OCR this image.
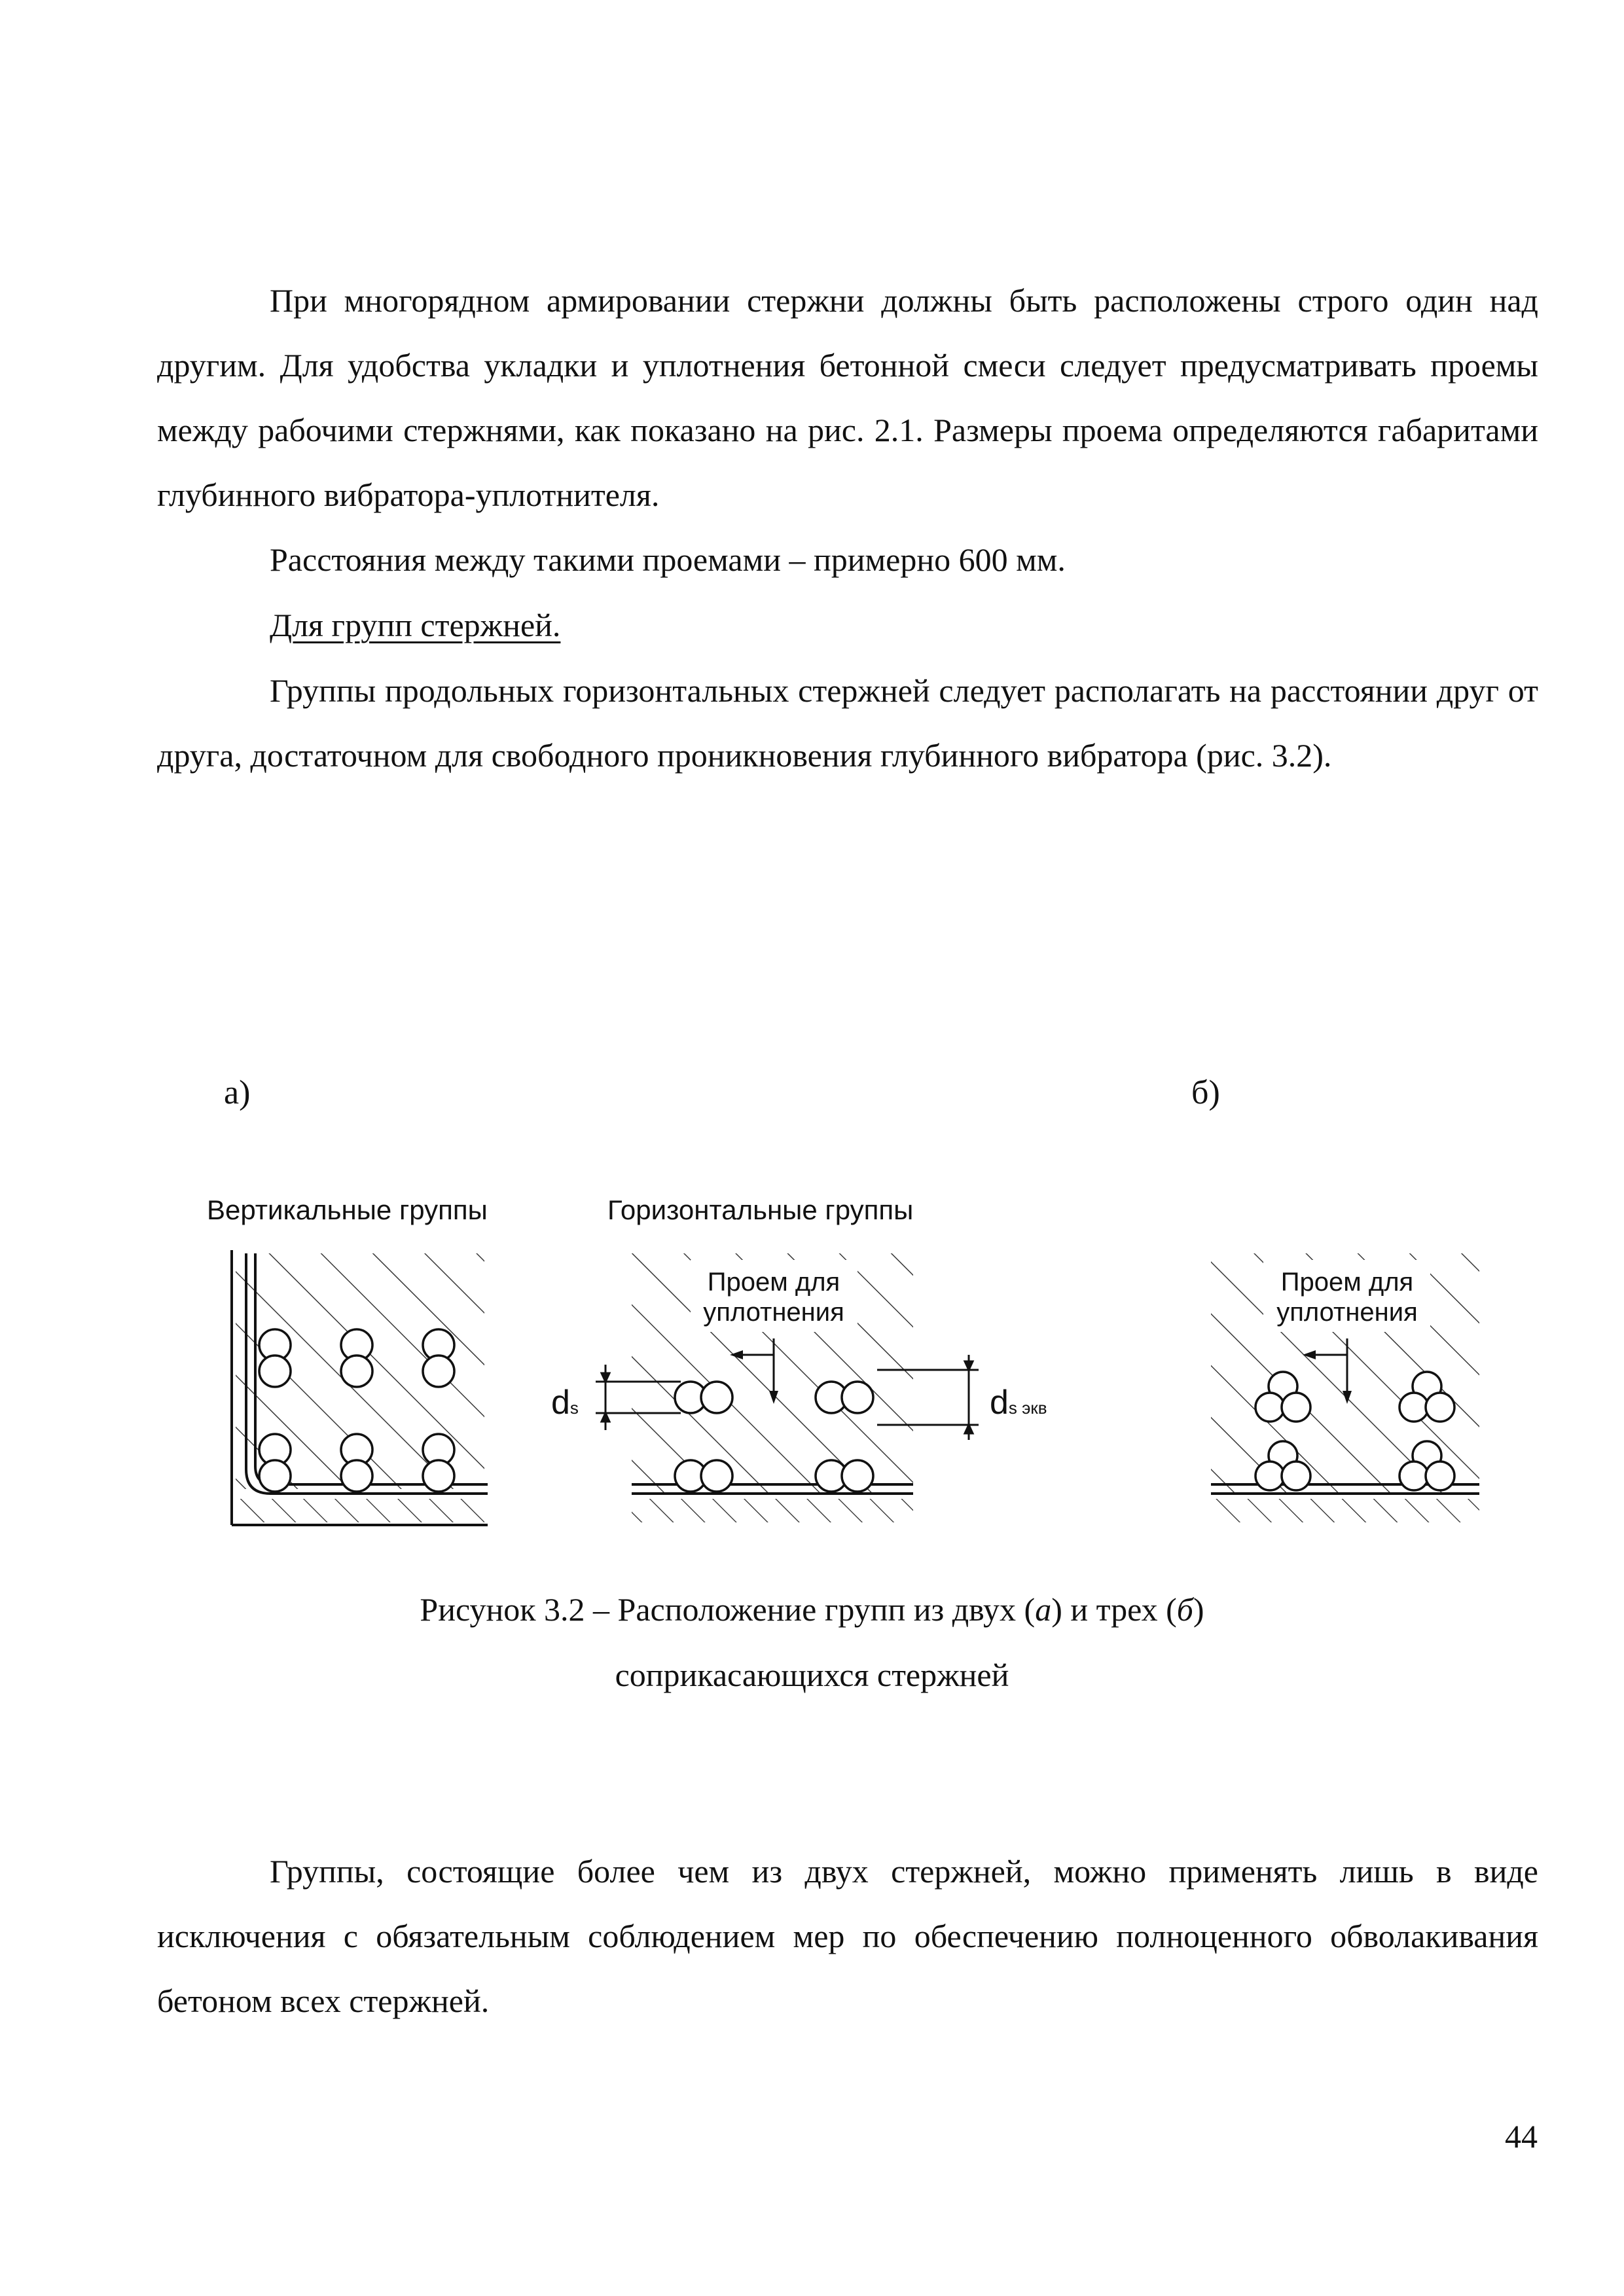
При многорядном армировании стержни должны быть расположены строго один над другим. Для удобства укладки и уплотнения бетонной смеси следует предусматривать проемы между рабочими стержнями, как показано на рис. 2.1. Размеры проема определяются габаритами глубинного вибратора-уплотнителя.

Расстояния между такими проемами – примерно 600 мм.

Для групп стержней.

Группы продольных горизонтальных стержней следует располагать на расстоянии друг от друга, достаточном для свободного проникновения глубинного вибратора (рис. 3.2).

а)	б)
Вертикальные группы	Горизонтальные группы
Проем для
уплотнения
ds	ds экв
Проем для
уплотнения

Рисунок 3.2 – Расположение групп из двух (а) и трех (б)

соприкасающихся стержней

Группы, состоящие более чем из двух стержней, можно применять лишь в виде исключения с обязательным соблюдением мер по обеспечению полноценного обволакивания бетоном всех стержней.

44
